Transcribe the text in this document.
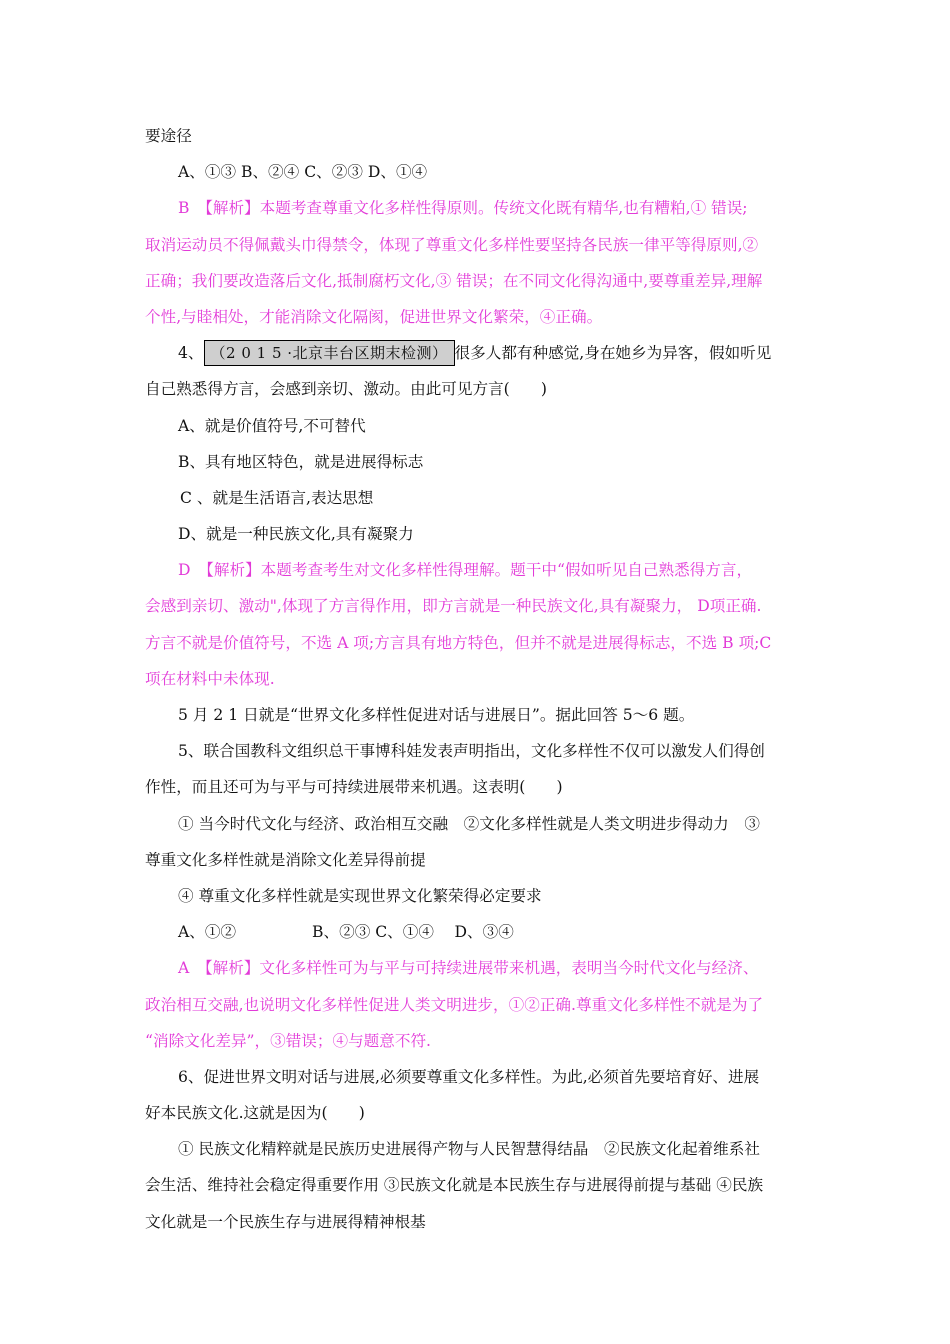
要途径
A、①③ B、②④ C、②③ D、①④
B　【解析】本题考查尊重文化多样性得原则。传统文化既有精华,也有糟粕,① 错误;
取消运动员不得佩戴头巾得禁令，体现了尊重文化多样性要坚持各民族一律平等得原则,②
正确；我们要改造落后文化,抵制腐朽文化,③ 错误；在不同文化得沟通中,要尊重差异,理解
个性,与睦相处，才能消除文化隔阂，促进世界文化繁荣，④正确。
4、 （2 0 1 5 ·北京丰台区期末检测） 很多人都有种感觉,身在她乡为异客，假如听见
自己熟悉得方言，会感到亲切、激动。由此可见方言(　　)
A、就是价值符号,不可替代
B、具有地区特色，就是进展得标志
C 、就是生活语言,表达思想
D、就是一种民族文化,具有凝聚力
D　【解析】本题考查考生对文化多样性得理解。题干中“假如听见自己熟悉得方言，
会感到亲切、激动",体现了方言得作用，即方言就是一种民族文化,具有凝聚力， D项正确.
方言不就是价值符号，不选 A 项;方言具有地方特色，但并不就是进展得标志，不选 B 项;C
项在材料中未体现.
5 月 2 1 日就是“世界文化多样性促进对话与进展日”。据此回答 5～6 题。
5、联合国教科文组织总干事博科娃发表声明指出，文化多样性不仅可以激发人们得创
作性，而且还可为与平与可持续进展带来机遇。这表明(　　)
① 当今时代文化与经济、政治相互交融　②文化多样性就是人类文明进步得动力　③
尊重文化多样性就是消除文化差异得前提
④ 尊重文化多样性就是实现世界文化繁荣得必定要求
A、①②	B、②③ C、①④　 D、③④
A　【解析】文化多样性可为与平与可持续进展带来机遇，表明当今时代文化与经济、
政治相互交融,也说明文化多样性促进人类文明进步，①②正确.尊重文化多样性不就是为了
“消除文化差异”，③错误；④与题意不符.
6、促进世界文明对话与进展,必须要尊重文化多样性。为此,必须首先要培育好、进展
好本民族文化.这就是因为(　　)
① 民族文化精粹就是民族历史进展得产物与人民智慧得结晶　②民族文化起着维系社
会生活、维持社会稳定得重要作用 ③民族文化就是本民族生存与进展得前提与基础 ④民族
文化就是一个民族生存与进展得精神根基
